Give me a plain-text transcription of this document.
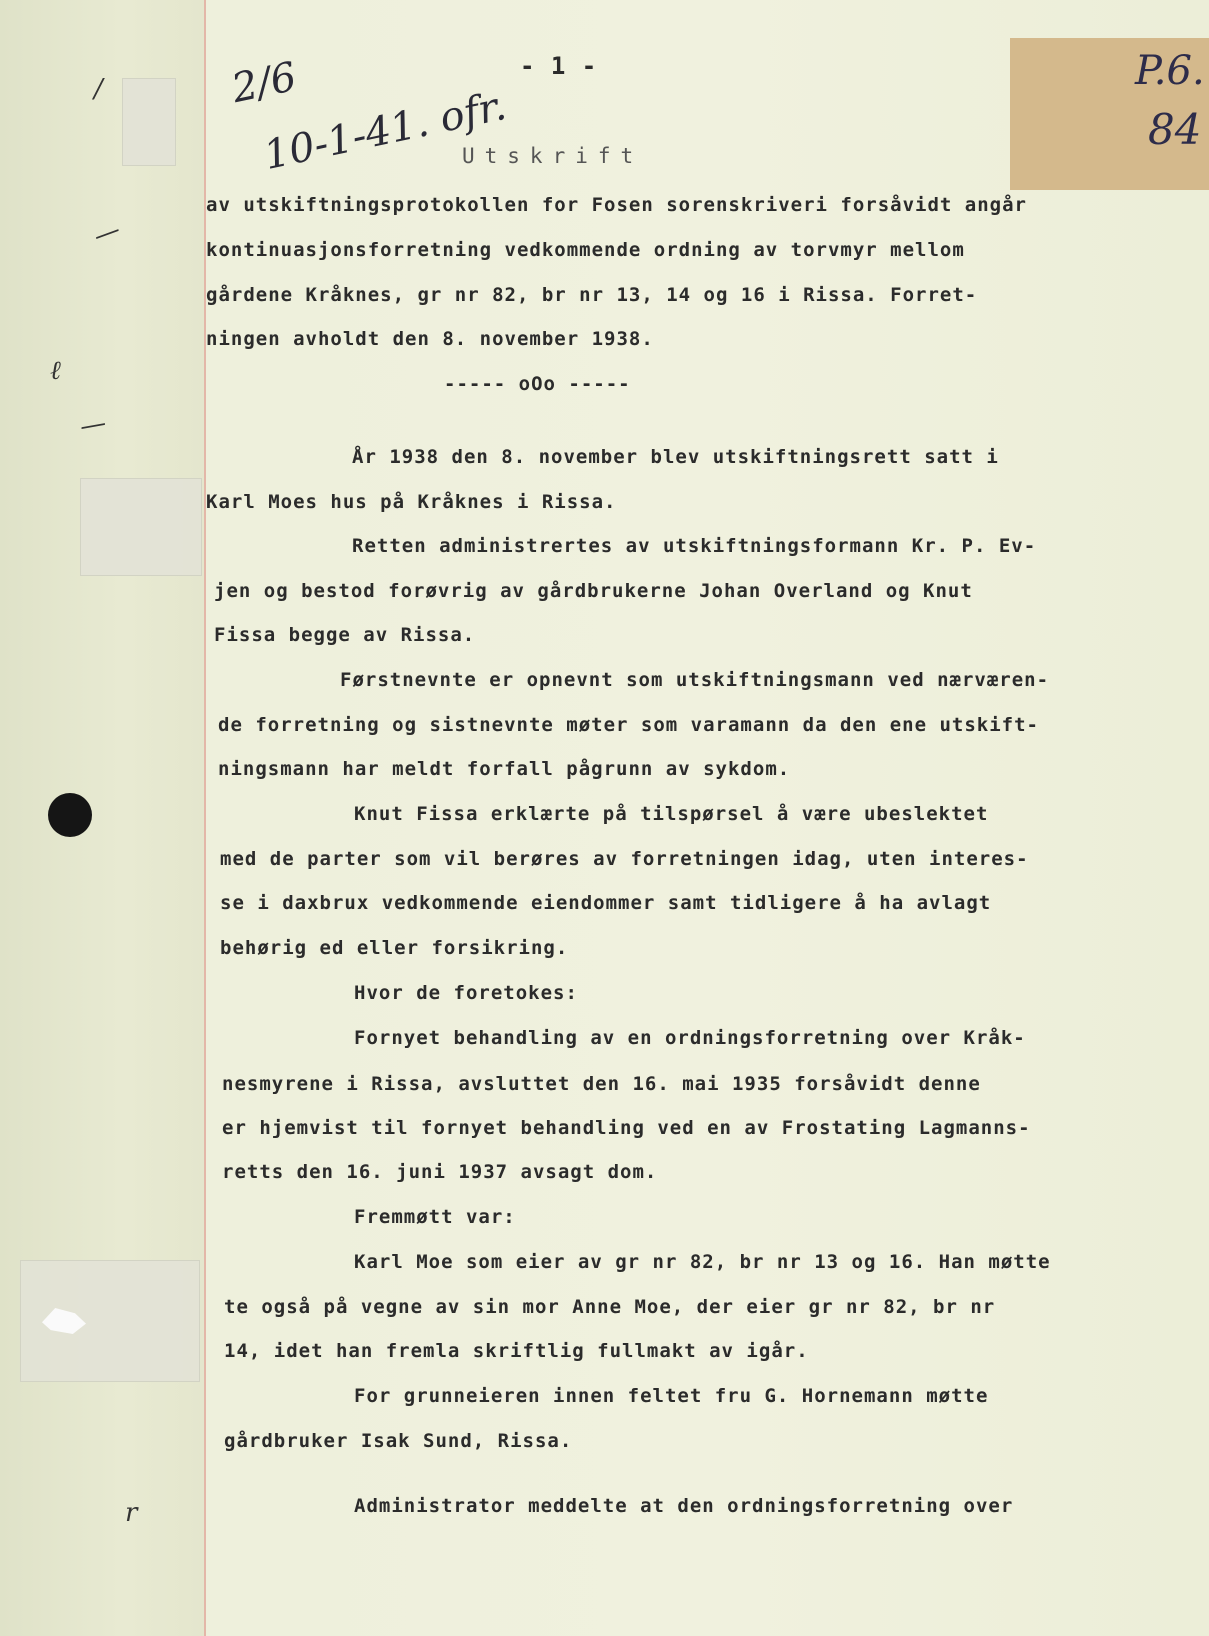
/
—
ℓ
—
r
P.6.
84
2/6
10-1-41. ofr.
- 1 -
Utskrift
av utskiftningsprotokollen for Fosen sorenskriveri forsåvidt angår
kontinuasjonsforretning vedkommende ordning av torvmyr mellom
gårdene Kråknes, gr nr 82, br nr 13, 14 og 16 i Rissa. Forret-
ningen avholdt den 8. november 1938.
----- oOo -----
År 1938 den 8. november blev utskiftningsrett satt i
Karl Moes hus på Kråknes i Rissa.
Retten administrertes av utskiftningsformann Kr. P. Ev-
jen og bestod forøvrig av gårdbrukerne Johan Overland og Knut
Fissa begge av Rissa.
Førstnevnte er opnevnt som utskiftningsmann ved nærværen-
de forretning og sistnevnte møter som varamann da den ene utskift-
ningsmann har meldt forfall pågrunn av sykdom.
Knut Fissa erklærte på tilspørsel å være ubeslektet
med de parter som vil berøres av forretningen idag, uten interes-
se i daxbrux vedkommende eiendommer samt tidligere å ha avlagt
behørig ed eller forsikring.
Hvor de foretokes:
Fornyet behandling av en ordningsforretning over Kråk-
nesmyrene i Rissa, avsluttet den 16. mai 1935 forsåvidt denne
er hjemvist til fornyet behandling ved en av Frostating Lagmanns-
retts den 16. juni 1937 avsagt dom.
Fremmøtt var:
Karl Moe som eier av gr nr 82, br nr 13 og 16. Han møtte
te også på vegne av sin mor Anne Moe, der eier gr nr 82, br nr
14, idet han fremla skriftlig fullmakt av igår.
For grunneieren innen feltet fru G. Hornemann møtte
gårdbruker Isak Sund, Rissa.
Administrator meddelte at den ordningsforretning over
